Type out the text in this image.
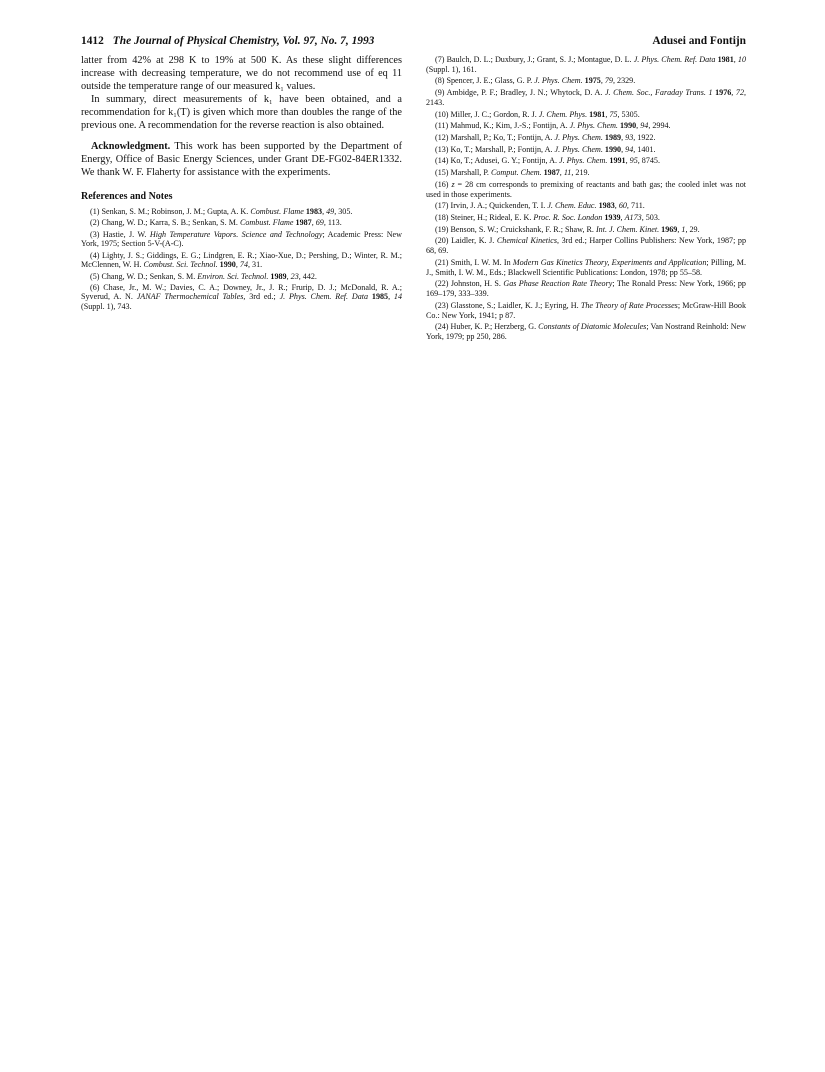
1412 The Journal of Physical Chemistry, Vol. 97, No. 7, 1993	Adusei and Fontijn

latter from 42% at 298 K to 19% at 500 K. As these slight differences increase with decreasing temperature, we do not recommend use of eq 11 outside the temperature range of our measured k₁ values.

In summary, direct measurements of k₁ have been obtained, and a recommendation for k₁(T) is given which more than doubles the range of the previous one. A recommendation for the reverse reaction is also obtained.

Acknowledgment. This work has been supported by the Department of Energy, Office of Basic Energy Sciences, under Grant DE-FG02-84ER1332. We thank W. F. Flaherty for assistance with the experiments.

References and Notes

(1) Senkan, S. M.; Robinson, J. M.; Gupta, A. K. Combust. Flame 1983, 49, 305.

(2) Chang, W. D.; Karra, S. B.; Senkan, S. M. Combust. Flame 1987, 69, 113.

(3) Hastie, J. W. High Temperature Vapors. Science and Technology; Academic Press: New York, 1975; Section 5-V-(A-C).

(4) Lighty, J. S.; Giddings, E. G.; Lindgren, E. R.; Xiao-Xue, D.; Pershing, D.; Winter, R. M.; McClennen, W. H. Combust. Sci. Technol. 1990, 74, 31.

(5) Chang, W. D.; Senkan, S. M. Environ. Sci. Technol. 1989, 23, 442.

(6) Chase, Jr., M. W.; Davies, C. A.; Downey, Jr., J. R.; Frurip, D. J.; McDonald, R. A.; Syverud, A. N. JANAF Thermochemical Tables, 3rd ed.; J. Phys. Chem. Ref. Data 1985, 14 (Suppl. 1), 743.

(7) Baulch, D. L.; Duxbury, J.; Grant, S. J.; Montague, D. L. J. Phys. Chem. Ref. Data 1981, 10 (Suppl. 1), 161.

(8) Spencer, J. E.; Glass, G. P. J. Phys. Chem. 1975, 79, 2329.

(9) Ambidge, P. F.; Bradley, J. N.; Whytock, D. A. J. Chem. Soc., Faraday Trans. 1 1976, 72, 2143.

(10) Miller, J. C.; Gordon, R. J. J. Chem. Phys. 1981, 75, 5305.

(11) Mahmud, K.; Kim, J.-S.; Fontijn, A. J. Phys. Chem. 1990, 94, 2994.

(12) Marshall, P.; Ko, T.; Fontijn, A. J. Phys. Chem. 1989, 93, 1922.

(13) Ko, T.; Marshall, P.; Fontijn, A. J. Phys. Chem. 1990, 94, 1401.

(14) Ko, T.; Adusei, G. Y.; Fontijn, A. J. Phys. Chem. 1991, 95, 8745.

(15) Marshall, P. Comput. Chem. 1987, 11, 219.

(16) z = 28 cm corresponds to premixing of reactants and bath gas; the cooled inlet was not used in those experiments.

(17) Irvin, J. A.; Quickenden, T. I. J. Chem. Educ. 1983, 60, 711.

(18) Steiner, H.; Rideal, E. K. Proc. R. Soc. London 1939, A173, 503.

(19) Benson, S. W.; Cruickshank, F. R.; Shaw, R. Int. J. Chem. Kinet. 1969, 1, 29.

(20) Laidler, K. J. Chemical Kinetics, 3rd ed.; Harper Collins Publishers: New York, 1987; pp 68, 69.

(21) Smith, I. W. M. In Modern Gas Kinetics Theory, Experiments and Application; Pilling, M. J., Smith, I. W. M., Eds.; Blackwell Scientific Publications: London, 1978; pp 55–58.

(22) Johnston, H. S. Gas Phase Reaction Rate Theory; The Ronald Press: New York, 1966; pp 169–179, 333–339.

(23) Glasstone, S.; Laidler, K. J.; Eyring, H. The Theory of Rate Processes; McGraw-Hill Book Co.: New York, 1941; p 87.

(24) Huber, K. P.; Herzberg, G. Constants of Diatomic Molecules; Van Nostrand Reinhold: New York, 1979; pp 250, 286.
